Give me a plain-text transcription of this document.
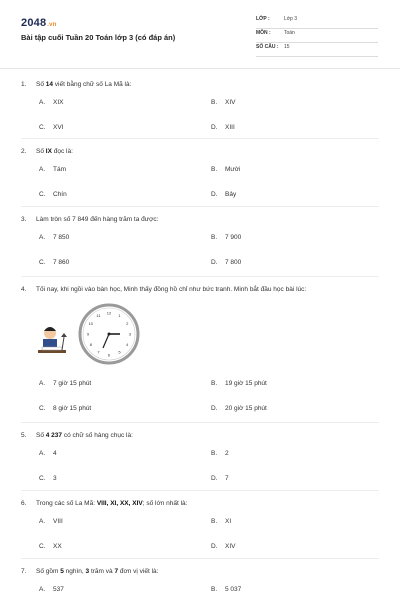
2048.vn
Bài tập cuối Tuần 20 Toán lớp 3 (có đáp án)
LỚP :	Lớp 3
MÔN :	Toán
SỐ CÂU : 15
1. Số 14 viết bằng chữ số La Mã là:
A. XIX	B. XIV
C. XVI	D. XIII
2. Số IX đọc là:
A. Tám	B. Mười
C. Chín	D. Bảy
3. Làm tròn số 7 849 đến hàng trăm ta được:
A. 7 850	B. 7 900
C. 7 860	D. 7 800
4. Tối nay, khi ngồi vào bàn học, Minh thấy đồng hồ chỉ như bức tranh. Minh bắt đầu học bài lúc:
A. 7 giờ 15 phút	B. 19 giờ 15 phút
C. 8 giờ 15 phút	D. 20 giờ 15 phút
5. Số 4 237 có chữ số hàng chục là:
A. 4	B. 2
C. 3	D. 7
6. Trong các số La Mã: VIII, XI, XX, XIV; số lớn nhất là:
A. VIII	B. XI
C. XX	D. XIV
7. Số gồm 5 nghìn, 3 trăm và 7 đơn vị viết là:
A. 537	B. 5 037
12
1
2
3
4
5
6
7
8
9
10
11
